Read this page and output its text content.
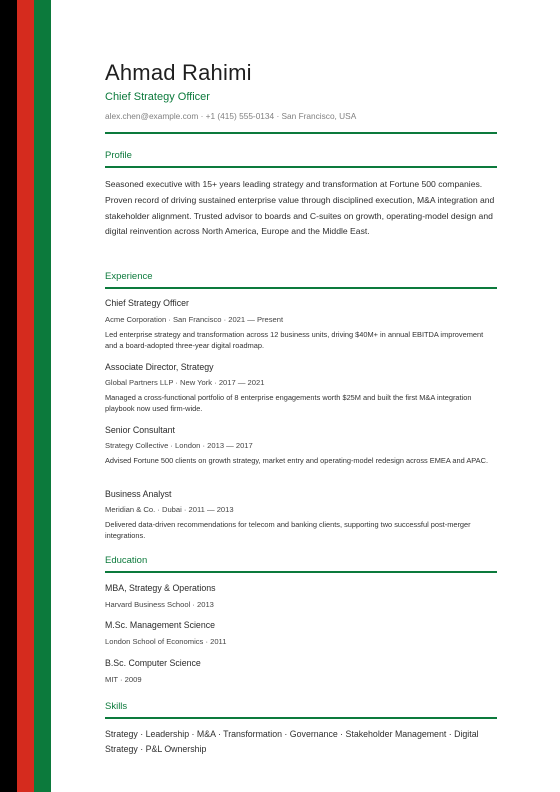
Ahmad Rahimi
Chief Strategy Officer
alex.chen@example.com · +1 (415) 555-0134 · San Francisco, USA
Profile
Seasoned executive with 15+ years leading strategy and transformation at Fortune 500 companies. Proven record of driving sustained enterprise value through disciplined execution, M&A integration and stakeholder alignment. Trusted advisor to boards and C-suites on growth, operating-model design and digital reinvention across North America, Europe and the Middle East.
Experience
Chief Strategy Officer
Acme Corporation · San Francisco · 2021 — Present
Led enterprise strategy and transformation across 12 business units, driving $40M+ in annual EBITDA improvement and a board-adopted three-year digital roadmap.
Associate Director, Strategy
Global Partners LLP · New York · 2017 — 2021
Managed a cross-functional portfolio of 8 enterprise engagements worth $25M and built the first M&A integration playbook now used firm-wide.
Senior Consultant
Strategy Collective · London · 2013 — 2017
Advised Fortune 500 clients on growth strategy, market entry and operating-model redesign across EMEA and APAC.
Business Analyst
Meridian & Co. · Dubai · 2011 — 2013
Delivered data-driven recommendations for telecom and banking clients, supporting two successful post-merger integrations.
Education
MBA, Strategy & Operations
Harvard Business School · 2013
M.Sc. Management Science
London School of Economics · 2011
B.Sc. Computer Science
MIT · 2009
Skills
Strategy · Leadership · M&A · Transformation · Governance · Stakeholder Management · Digital Strategy · P&L Ownership
